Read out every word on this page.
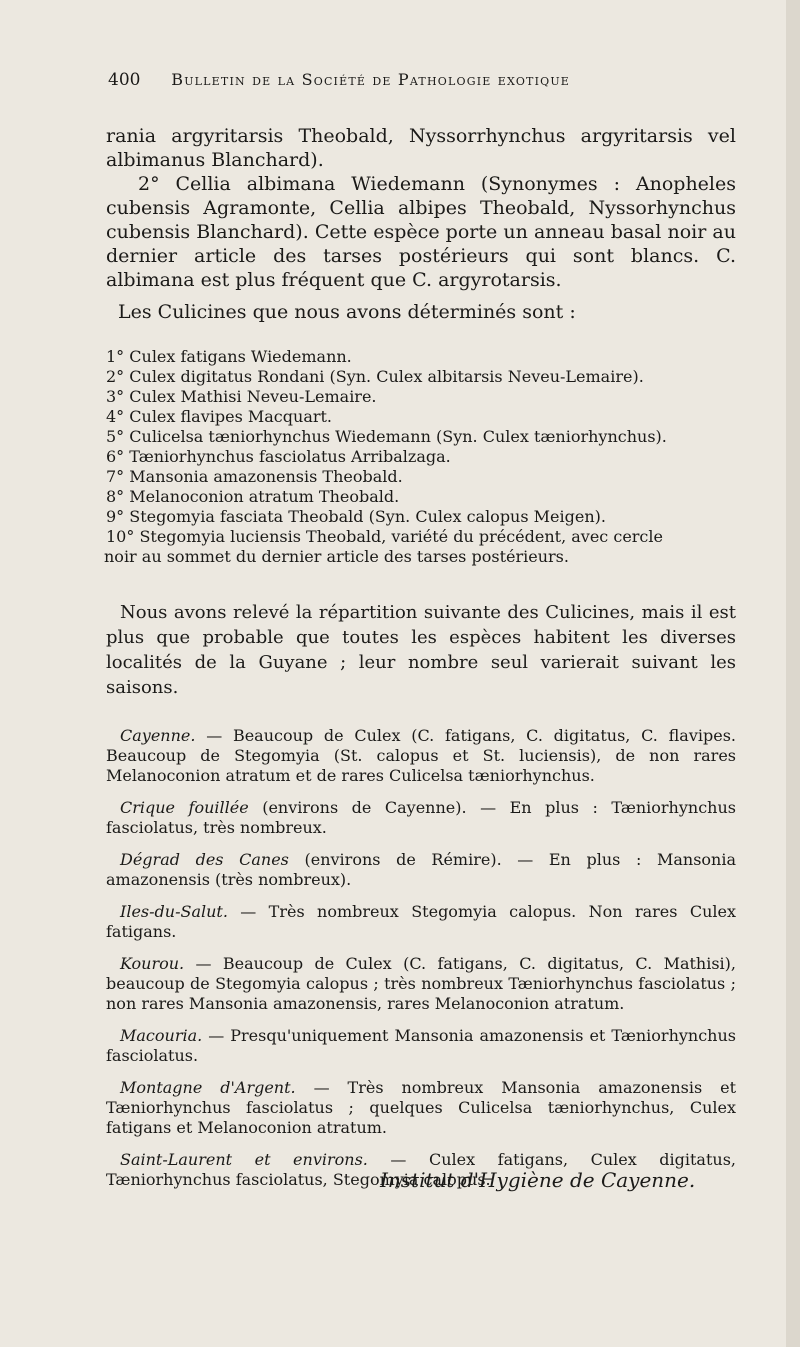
400 Bulletin de la Société de Pathologie exotique

rania argyritarsis Theobald, Nyssorrhynchus argyritarsis vel albimanus Blanchard).

2° Cellia albimana Wiedemann (Synonymes : Anopheles cubensis Agramonte, Cellia albipes Theobald, Nyssorhynchus cubensis Blanchard). Cette espèce porte un anneau basal noir au dernier article des tarses postérieurs qui sont blancs. C. albimana est plus fréquent que C. argyrotarsis.

Les Culicines que nous avons déterminés sont :

1° Culex fatigans Wiedemann.
2° Culex digitatus Rondani (Syn. Culex albitarsis Neveu-Lemaire).
3° Culex Mathisi Neveu-Lemaire.
4° Culex flavipes Macquart.
5° Culicelsa tæniorhynchus Wiedemann (Syn. Culex tæniorhynchus).
6° Tæniorhynchus fasciolatus Arribalzaga.
7° Mansonia amazonensis Theobald.
8° Melanoconion atratum Theobald.
9° Stegomyia fasciata Theobald (Syn. Culex calopus Meigen).
10° Stegomyia luciensis Theobald, variété du précédent, avec cercle
noir au sommet du dernier article des tarses postérieurs.

Nous avons relevé la répartition suivante des Culicines, mais il est plus que probable que toutes les espèces habitent les diverses localités de la Guyane ; leur nombre seul varierait suivant les saisons.

Cayenne. — Beaucoup de Culex (C. fatigans, C. digitatus, C. flavipes. Beaucoup de Stegomyia (St. calopus et St. luciensis), de non rares Melanoconion atratum et de rares Culicelsa tæniorhynchus.

Crique fouillée (environs de Cayenne). — En plus : Tæniorhynchus fasciolatus, très nombreux.

Dégrad des Canes (environs de Rémire). — En plus : Mansonia amazonensis (très nombreux).

Iles-du-Salut. — Très nombreux Stegomyia calopus. Non rares Culex fatigans.

Kourou. — Beaucoup de Culex (C. fatigans, C. digitatus, C. Mathisi), beaucoup de Stegomyia calopus ; très nombreux Tæniorhynchus fasciolatus ; non rares Mansonia amazonensis, rares Melanoconion atratum.

Macouria. — Presqu'uniquement Mansonia amazonensis et Tæniorhynchus fasciolatus.

Montagne d'Argent. — Très nombreux Mansonia amazonensis et Tæniorhynchus fasciolatus ; quelques Culicelsa tæniorhynchus, Culex fatigans et Melanoconion atratum.

Saint-Laurent et environs. — Culex fatigans, Culex digitatus, Tæniorhynchus fasciolatus, Stegomyia calopus.

Institut d'Hygiène de Cayenne.
